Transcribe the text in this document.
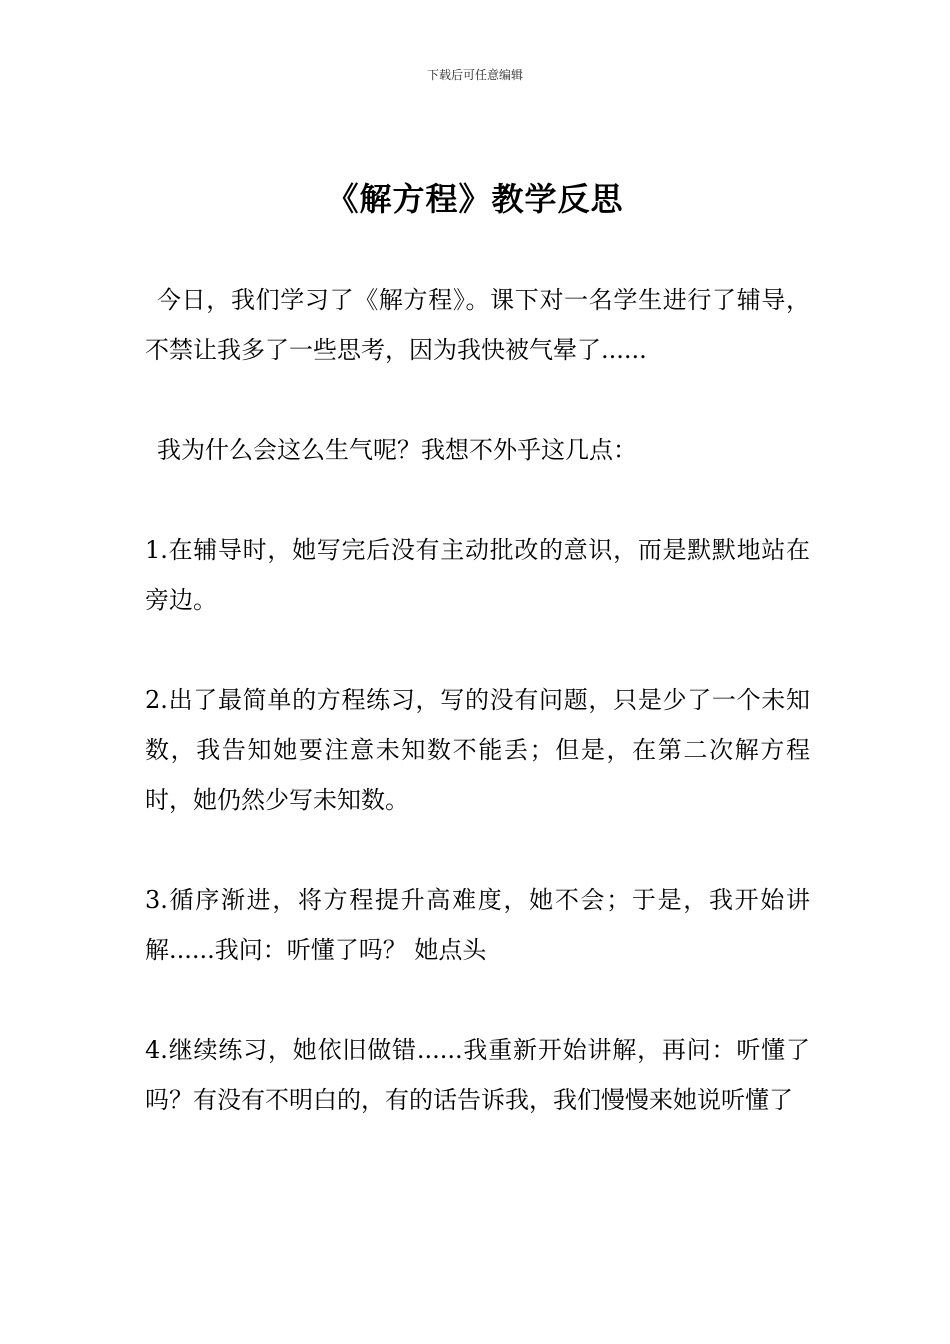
下载后可任意编辑
《解方程》教学反思

今日，我们学习了《解方程》。课下对一名学生进行了辅导，不禁让我多了一些思考，因为我快被气晕了......

我为什么会这么生气呢？我想不外乎这几点：

1.在辅导时，她写完后没有主动批改的意识，而是默默地站在旁边。

2.出了最简单的方程练习，写的没有问题，只是少了一个未知数，我告知她要注意未知数不能丢；但是，在第二次解方程时，她仍然少写未知数。

3.循序渐进，将方程提升高难度，她不会；于是，我开始讲解......我问：听懂了吗？ 她点头

4.继续练习，她依旧做错......我重新开始讲解，再问：听懂了吗？有没有不明白的，有的话告诉我，我们慢慢来她说听懂了
